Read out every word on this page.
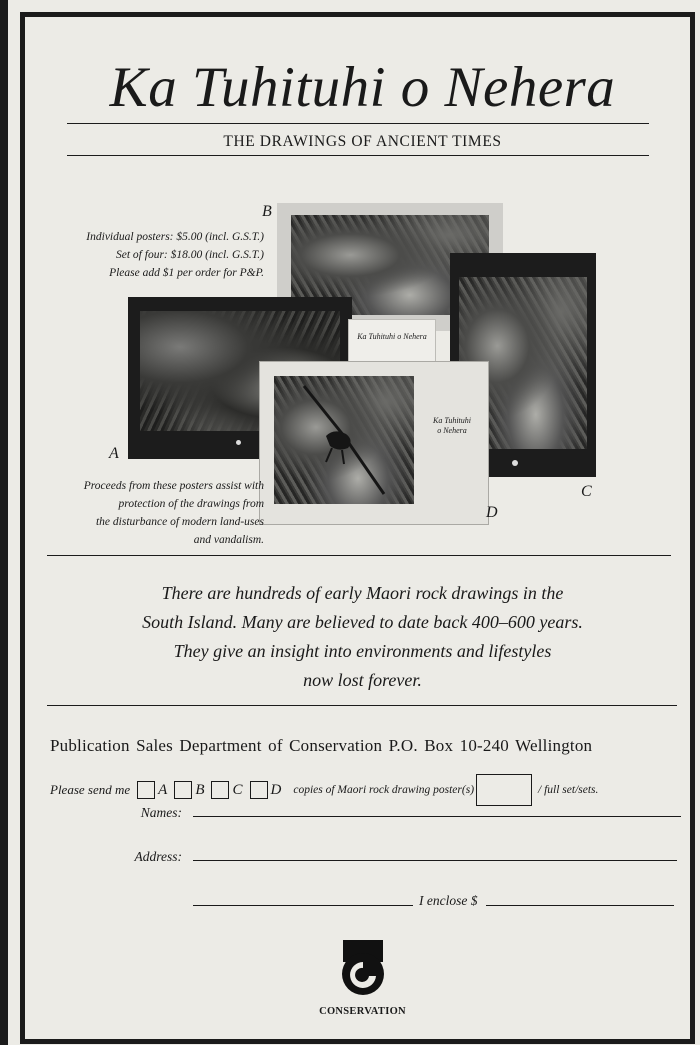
Ka Tuhituhi o Nehera
THE DRAWINGS OF ANCIENT TIMES
Individual posters: $5.00 (incl. G.S.T.)
Set of four: $18.00 (incl. G.S.T.)
Please add $1 per order for P&P.
B
C
A
Ka Tuhituhi o Nehera
Ka Tuhituhi
o Nehera
D
Proceeds from these posters assist with
protection of the drawings from
the disturbance of modern land-uses
and vandalism.
There are hundreds of early Maori rock drawings in the
South Island. Many are believed to date back 400–600 years.
They give an insight into environments and lifestyles
now lost forever.
Publication Sales Department of Conservation P.O. Box 10-240 Wellington
Please send me A B C D copies of Maori rock drawing poster(s)	/ full set/sets.
Names:
Address:
I enclose $
CONSERVATION
